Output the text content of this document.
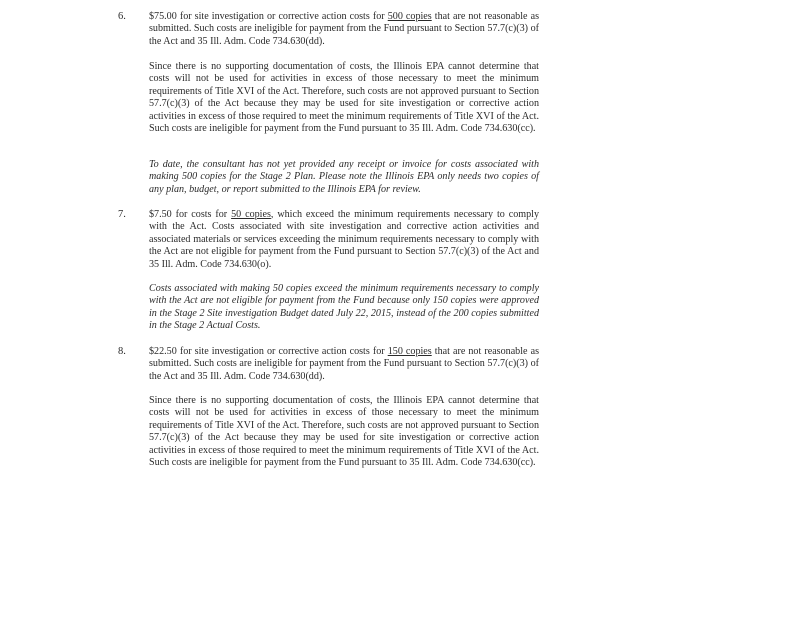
6. $75.00 for site investigation or corrective action costs for 500 copies that are not reasonable as submitted. Such costs are ineligible for payment from the Fund pursuant to Section 57.7(c)(3) of the Act and 35 Ill. Adm. Code 734.630(dd).

Since there is no supporting documentation of costs, the Illinois EPA cannot determine that costs will not be used for activities in excess of those necessary to meet the minimum requirements of Title XVI of the Act. Therefore, such costs are not approved pursuant to Section 57.7(c)(3) of the Act because they may be used for site investigation or corrective action activities in excess of those required to meet the minimum requirements of Title XVI of the Act. Such costs are ineligible for payment from the Fund pursuant to 35 Ill. Adm. Code 734.630(cc).

To date, the consultant has not yet provided any receipt or invoice for costs associated with making 500 copies for the Stage 2 Plan. Please note the Illinois EPA only needs two copies of any plan, budget, or report submitted to the Illinois EPA for review.

7. $7.50 for costs for 50 copies, which exceed the minimum requirements necessary to comply with the Act. Costs associated with site investigation and corrective action activities and associated materials or services exceeding the minimum requirements necessary to comply with the Act are not eligible for payment from the Fund pursuant to Section 57.7(c)(3) of the Act and 35 Ill. Adm. Code 734.630(o).

Costs associated with making 50 copies exceed the minimum requirements necessary to comply with the Act are not eligible for payment from the Fund because only 150 copies were approved in the Stage 2 Site investigation Budget dated July 22, 2015, instead of the 200 copies submitted in the Stage 2 Actual Costs.

8. $22.50 for site investigation or corrective action costs for 150 copies that are not reasonable as submitted. Such costs are ineligible for payment from the Fund pursuant to Section 57.7(c)(3) of the Act and 35 Ill. Adm. Code 734.630(dd).

Since there is no supporting documentation of costs, the Illinois EPA cannot determine that costs will not be used for activities in excess of those necessary to meet the minimum requirements of Title XVI of the Act. Therefore, such costs are not approved pursuant to Section 57.7(c)(3) of the Act because they may be used for site investigation or corrective action activities in excess of those required to meet the minimum requirements of Title XVI of the Act. Such costs are ineligible for payment from the Fund pursuant to 35 Ill. Adm. Code 734.630(cc).
